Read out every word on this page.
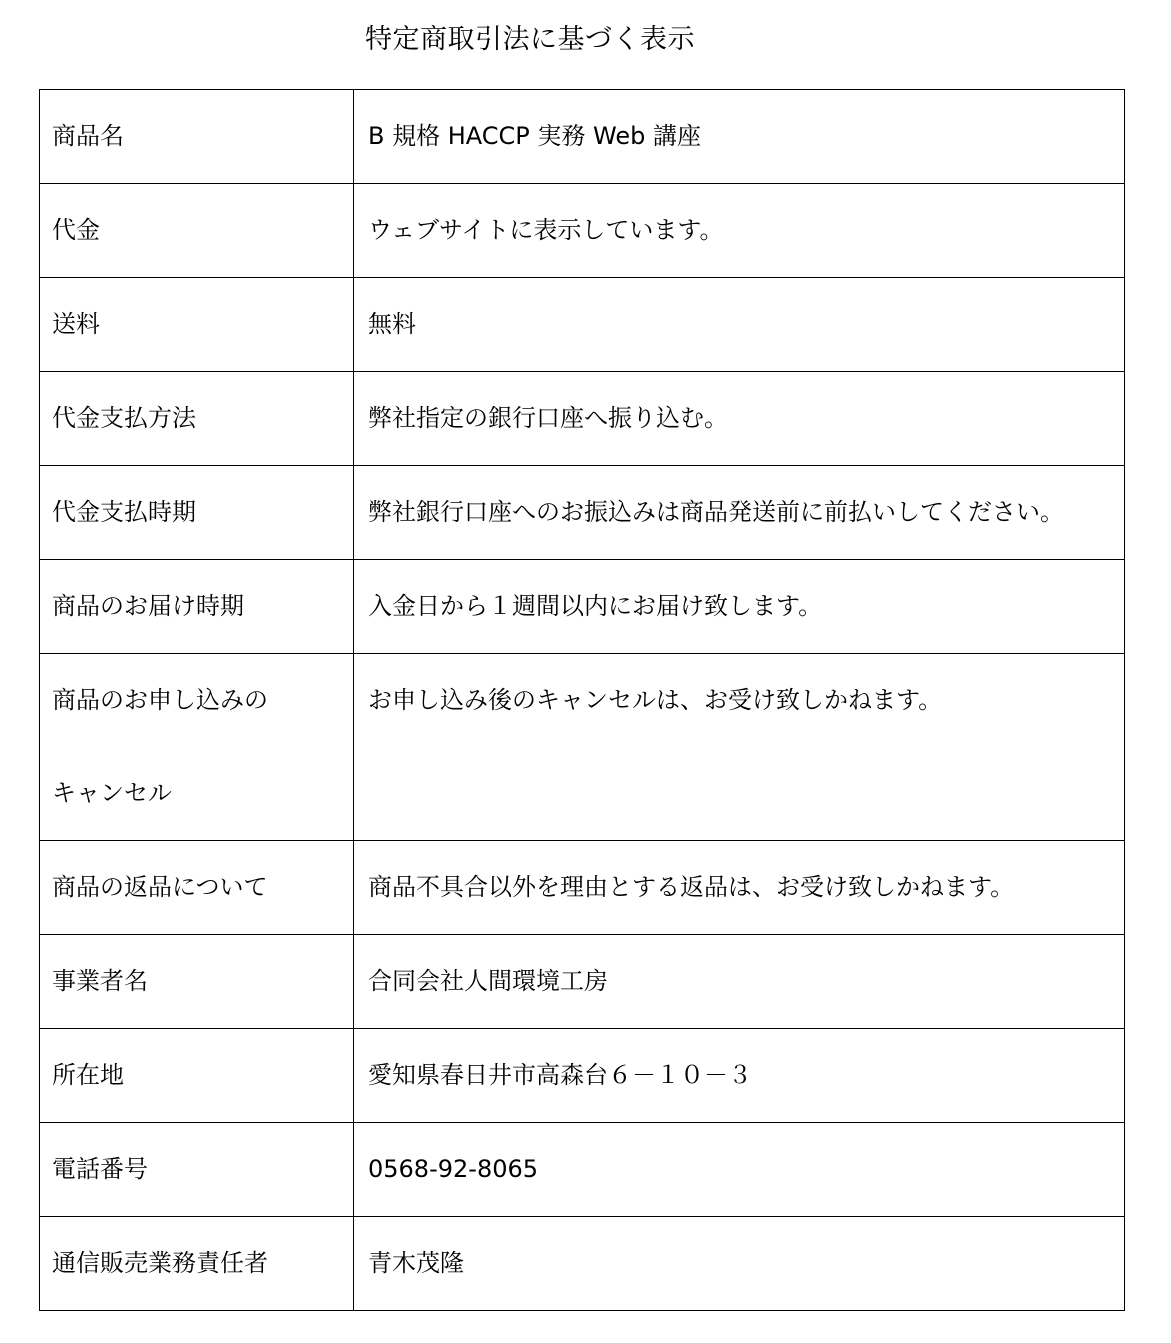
特定商取引法に基づく表示
商品名	B 規格 HACCP 実務 Web 講座
代金	ウェブサイトに表示しています。
送料	無料
代金支払方法	弊社指定の銀行口座へ振り込む。
代金支払時期	弊社銀行口座へのお振込みは商品発送前に前払いしてください。
商品のお届け時期	入金日から１週間以内にお届け致します。
商品のお申し込みの
キャンセル	お申し込み後のキャンセルは、お受け致しかねます。
商品の返品について	商品不具合以外を理由とする返品は、お受け致しかねます。
事業者名	合同会社人間環境工房
所在地	愛知県春日井市高森台６－１０－３
電話番号	0568-92-8065
通信販売業務責任者	青木茂隆
